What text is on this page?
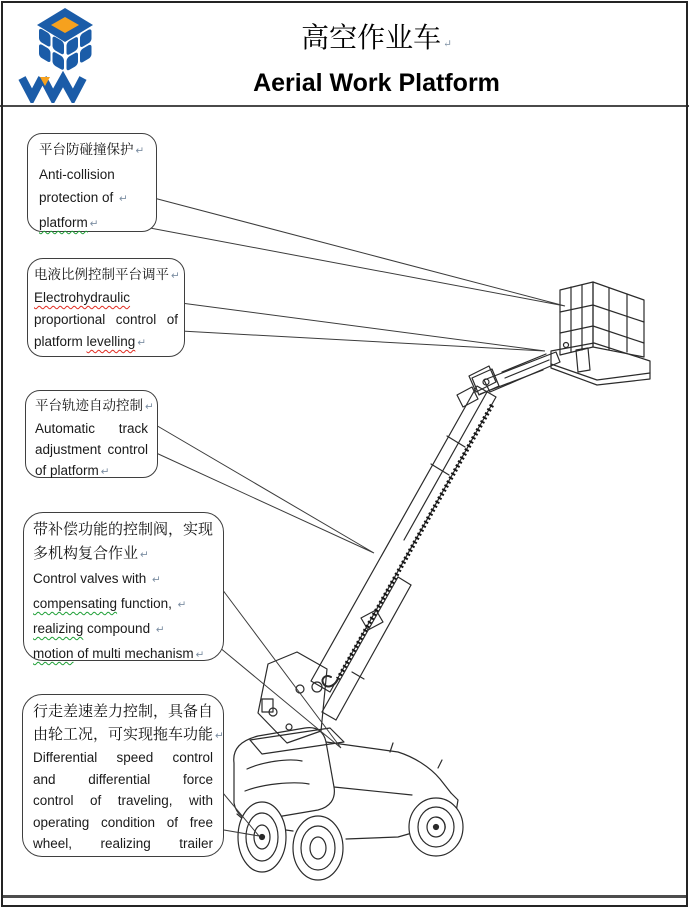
高空作业车 ↵
Aerial Work Platform
平台防碰撞保护 ↵
Anti-collision
protection of ↵
platform ↵
电液比例控制平台调平 ↵
Electrohydraulic
proportional control of
platform levelling ↵
平台轨迹自动控制 ↵
Automatic track
adjustment control
of platform ↵
带补偿功能的控制阀，实现
多机构复合作业 ↵
Control valves with ↵
compensating function, ↵
realizing compound ↵
motion of multi mechanism ↵
行走差速差力控制，具备自
由轮工况，可实现拖车功能 ↵
Differential speed control
and differential force
control of traveling, with
operating condition of free
wheel, realizing trailer
